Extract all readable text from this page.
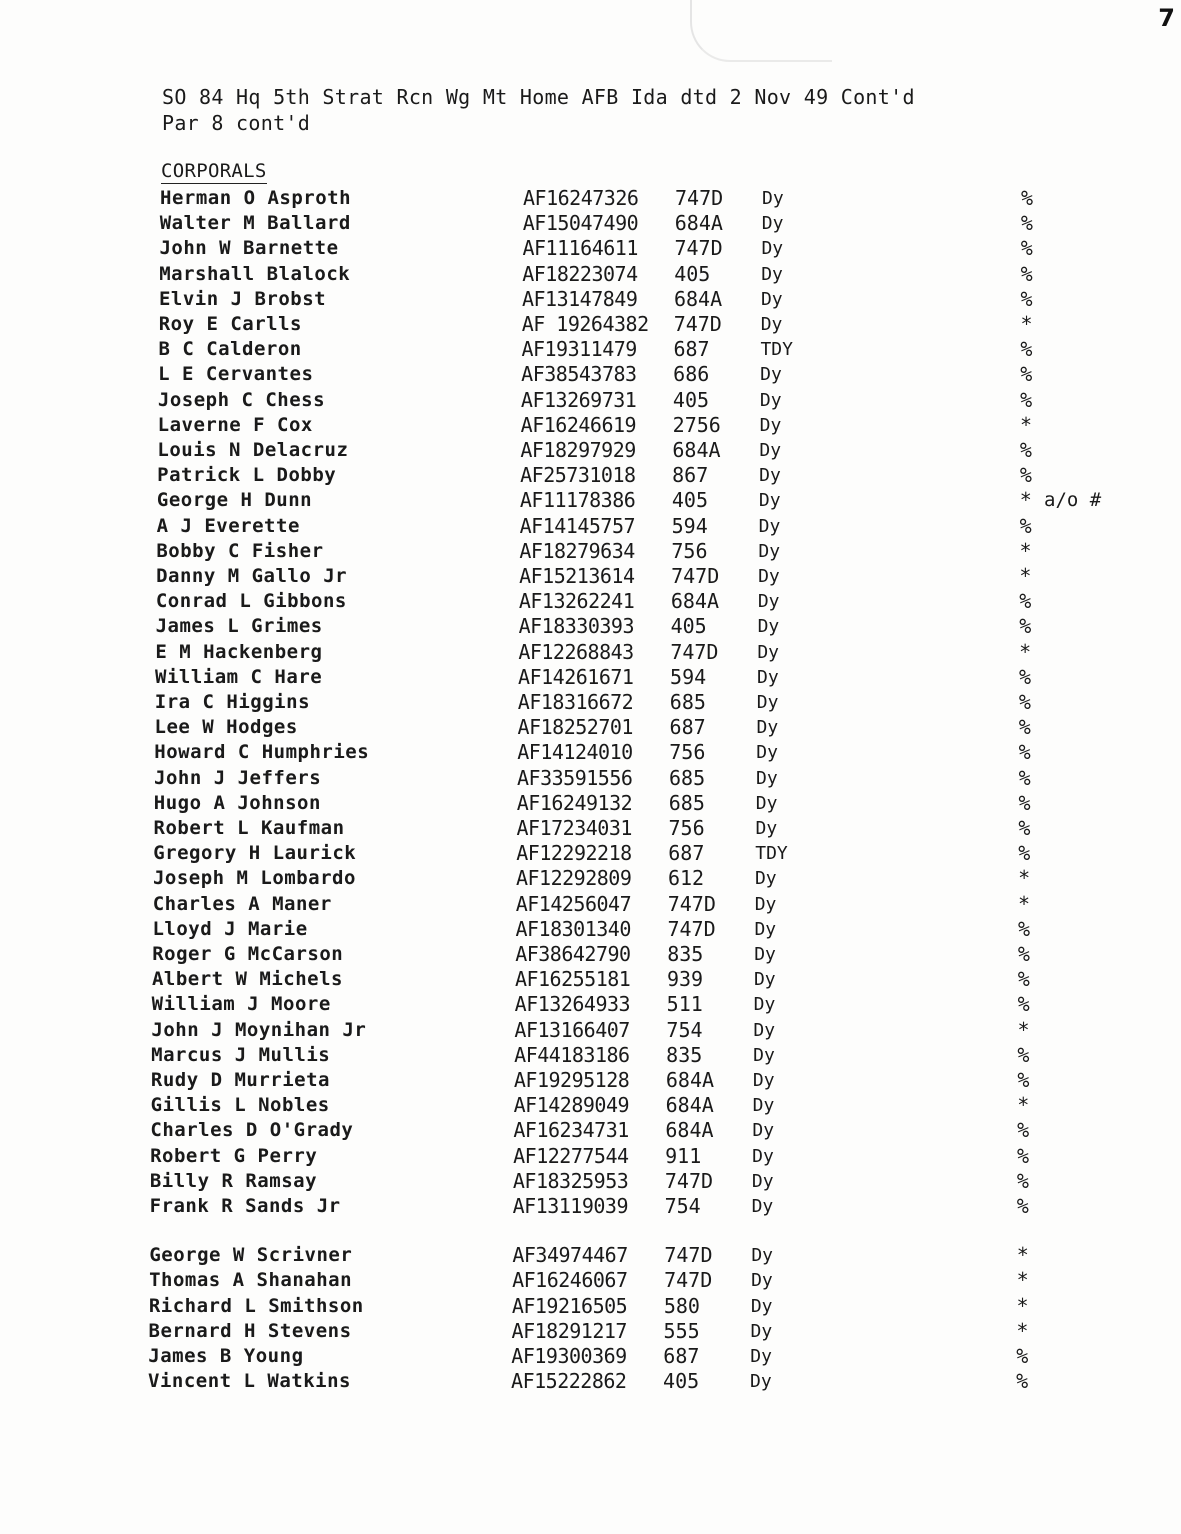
7
SO 84 Hq 5th Strat Rcn Wg Mt Home AFB Ida dtd 2 Nov 49 Cont'd
Par 8 cont'd
CORPORALS
Herman O Asproth	AF16247326 747D Dy	%
Walter M Ballard	AF15047490 684A Dy	%
John W Barnette	AF11164611 747D Dy	%
Marshall Blalock	AF18223074 405	Dy	%
Elvin J Brobst	AF13147849 684A Dy	%
Roy E Carlls	AF 19264382 747D Dy	*
B C Calderon	AF19311479 687	TDY	%
L E Cervantes	AF38543783 686	Dy	%
Joseph C Chess	AF13269731 405	Dy	%
Laverne F Cox	AF16246619 2756 Dy	*
Louis N Delacruz	AF18297929 684A Dy	%
Patrick L Dobby	AF25731018 867	Dy	%
George H Dunn	AF11178386 405	Dy	* a/o #
A J Everette	AF14145757 594	Dy	%
Bobby C Fisher	AF18279634 756	Dy	*
Danny M Gallo Jr	AF15213614 747D Dy	*
Conrad L Gibbons	AF13262241 684A Dy	%
James L Grimes	AF18330393 405	Dy	%
E M Hackenberg	AF12268843 747D Dy	*
William C Hare	AF14261671 594	Dy	%
Ira C Higgins	AF18316672 685	Dy	%
Lee W Hodges	AF18252701 687	Dy	%
Howard C Humphries	AF14124010 756	Dy	%
John J Jeffers	AF33591556 685	Dy	%
Hugo A Johnson	AF16249132 685	Dy	%
Robert L Kaufman	AF17234031 756	Dy	%
Gregory H Laurick	AF12292218 687	TDY	%
Joseph M Lombardo	AF12292809 612	Dy	*
Charles A Maner	AF14256047 747D Dy	*
Lloyd J Marie	AF18301340 747D Dy	%
Roger G McCarson	AF38642790 835	Dy	%
Albert W Michels	AF16255181 939	Dy	%
William J Moore	AF13264933 511	Dy	%
John J Moynihan Jr	AF13166407 754	Dy	*
Marcus J Mullis	AF44183186 835	Dy	%
Rudy D Murrieta	AF19295128 684A Dy	%
Gillis L Nobles	AF14289049 684A Dy	*
Charles D O'Grady	AF16234731 684A Dy	%
Robert G Perry	AF12277544 911	Dy	%
Billy R Ramsay	AF18325953 747D Dy	%
Frank R Sands Jr	AF13119039 754	Dy	%
George W Scrivner	AF34974467 747D Dy	*
Thomas A Shanahan	AF16246067 747D Dy	*
Richard L Smithson	AF19216505 580	Dy	*
Bernard H Stevens	AF18291217 555	Dy	*
James B Young	AF19300369 687	Dy	%
Vincent L Watkins	AF15222862 405	Dy	%
